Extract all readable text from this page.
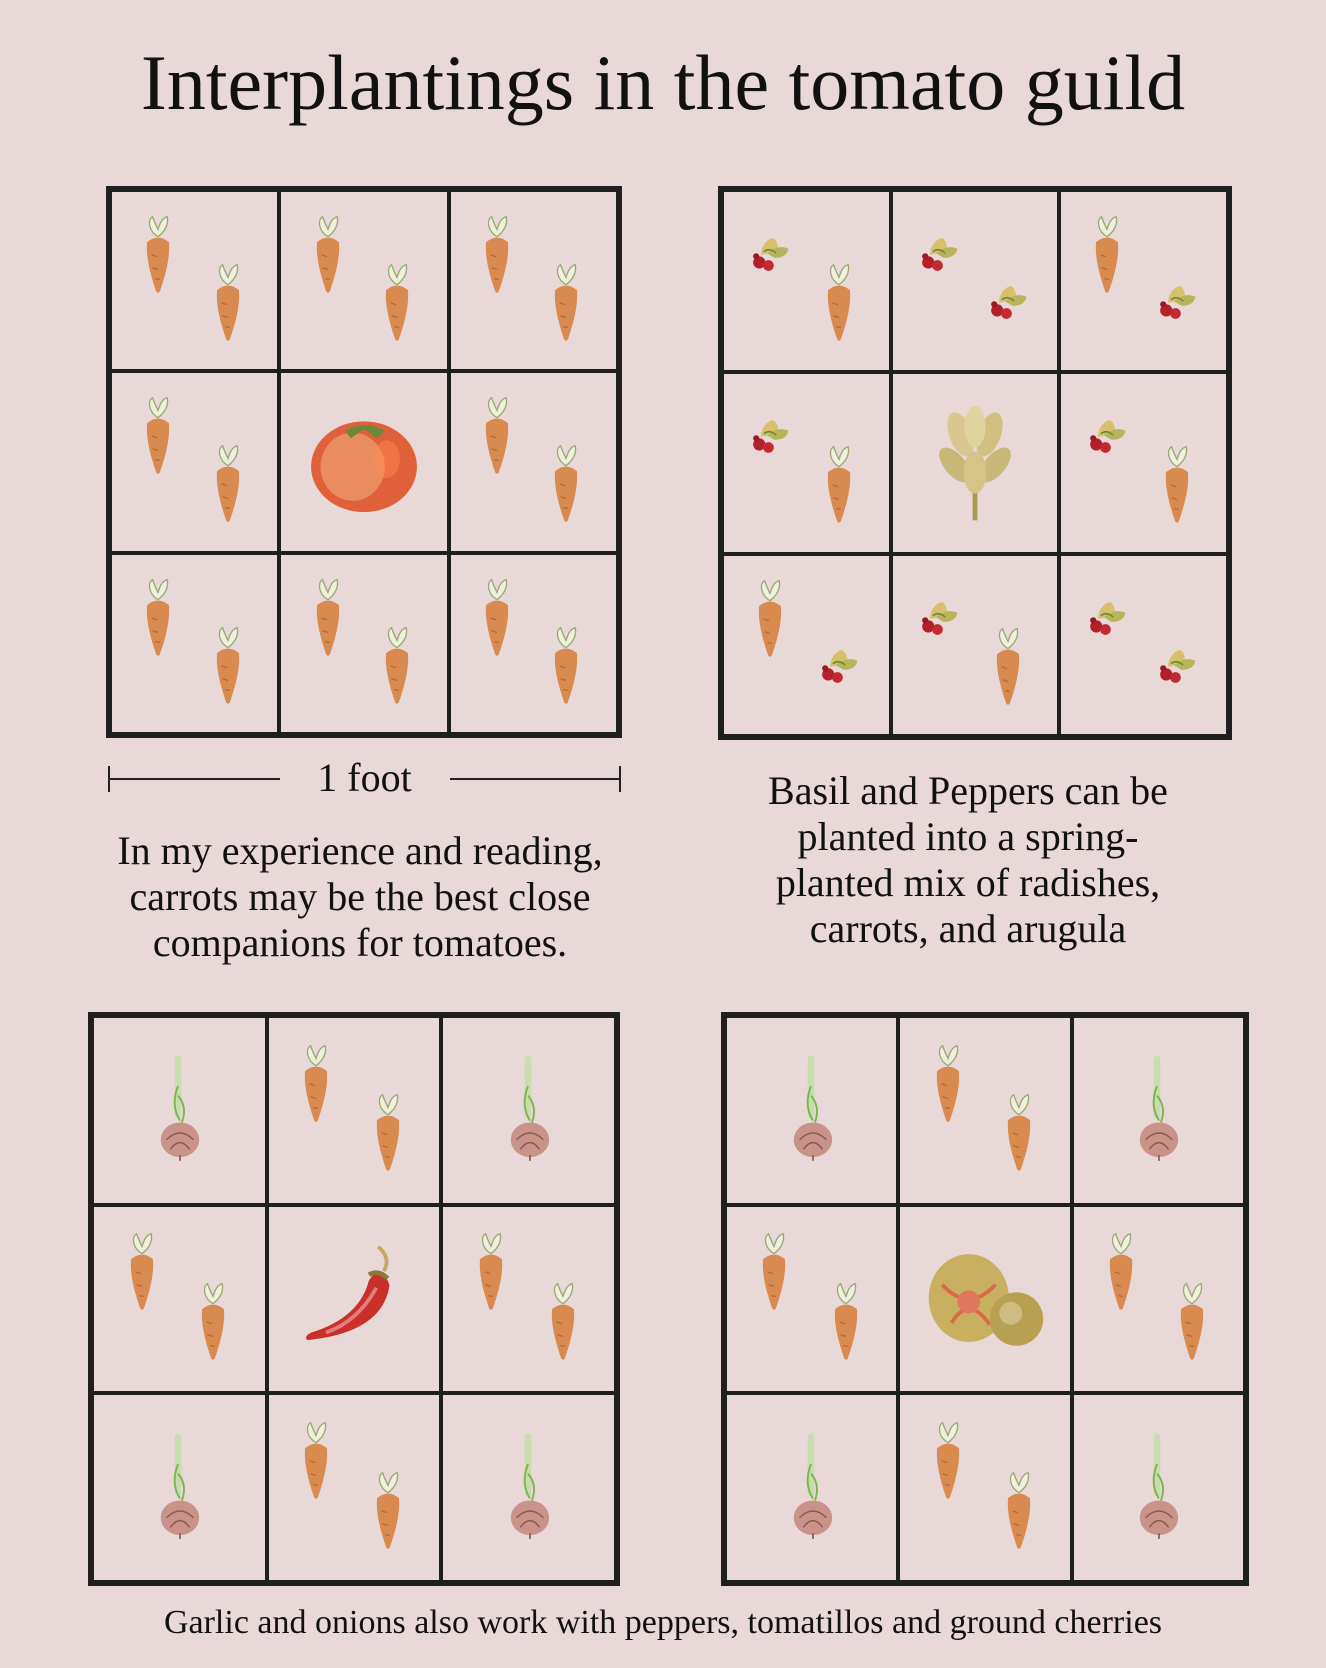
Interplantings in the tomato guild
1 foot
In my experience and reading,
carrots may be the best close
companions for tomatoes.
Basil and Peppers can be
planted into a spring-
planted mix of radishes,
carrots, and arugula
Garlic and onions also work with peppers, tomatillos and ground cherries
